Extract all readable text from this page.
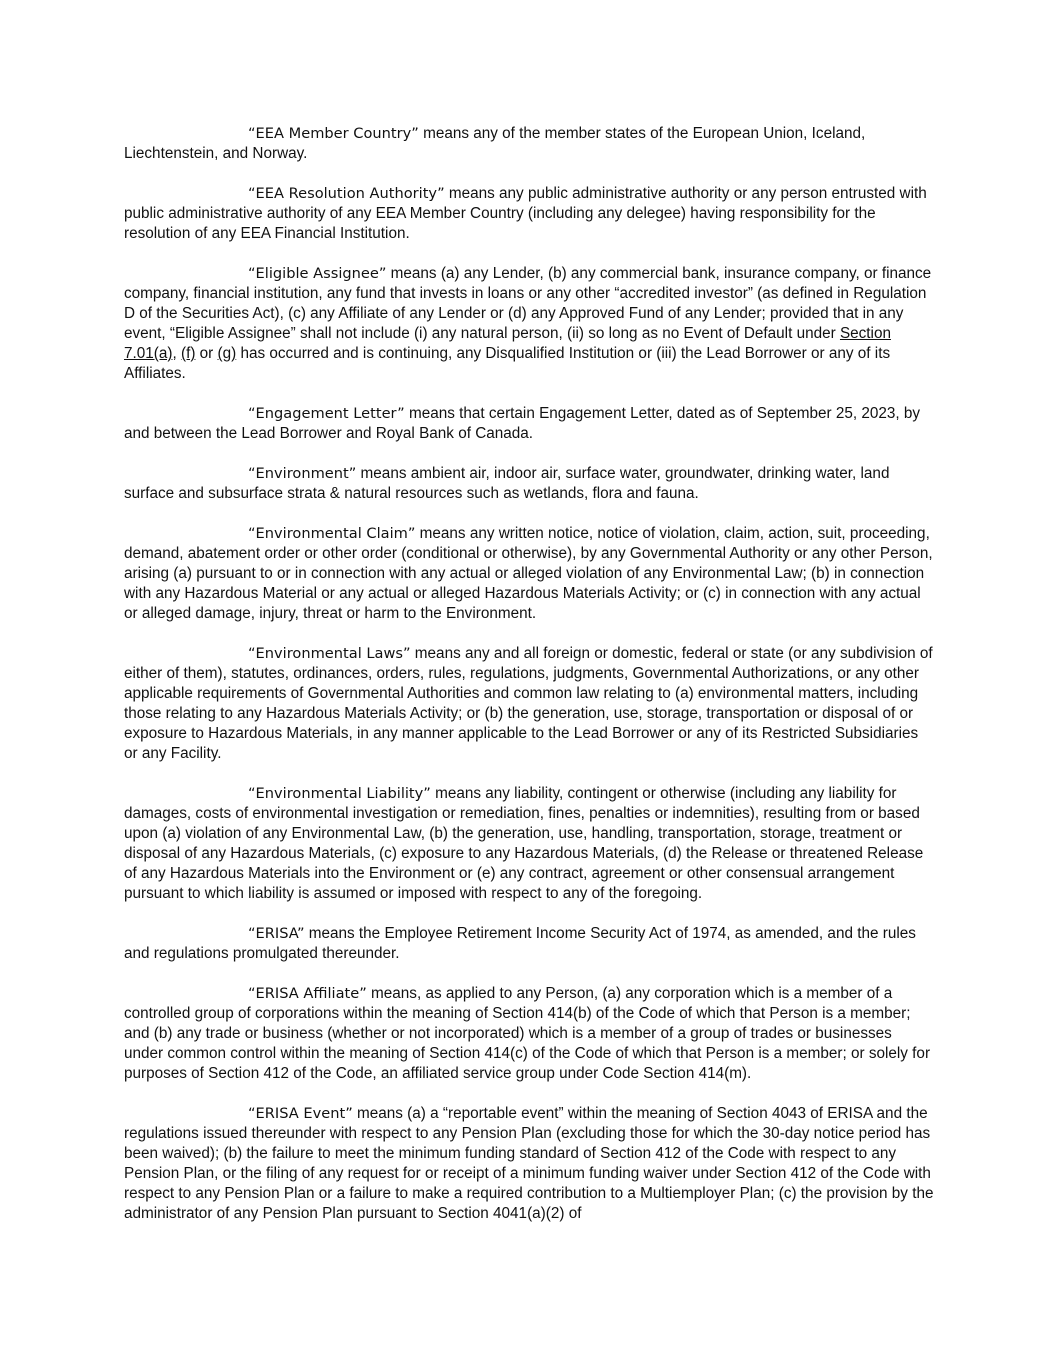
“EEA Member Country” means any of the member states of the European Union, Iceland, Liechtenstein, and Norway.

“EEA Resolution Authority” means any public administrative authority or any person entrusted with public administrative authority of any EEA Member Country (including any delegee) having responsibility for the resolution of any EEA Financial Institution.

“Eligible Assignee” means (a) any Lender, (b) any commercial bank, insurance company, or finance company, financial institution, any fund that invests in loans or any other “accredited investor” (as defined in Regulation D of the Securities Act), (c) any Affiliate of any Lender or (d) any Approved Fund of any Lender; provided that in any event, “Eligible Assignee” shall not include (i) any natural person, (ii) so long as no Event of Default under Section 7.01(a), (f) or (g) has occurred and is continuing, any Disqualified Institution or (iii) the Lead Borrower or any of its Affiliates.

“Engagement Letter” means that certain Engagement Letter, dated as of September 25, 2023, by and between the Lead Borrower and Royal Bank of Canada.

“Environment” means ambient air, indoor air, surface water, groundwater, drinking water, land surface and subsurface strata & natural resources such as wetlands, flora and fauna.

“Environmental Claim” means any written notice, notice of violation, claim, action, suit, proceeding, demand, abatement order or other order (conditional or otherwise), by any Governmental Authority or any other Person, arising (a) pursuant to or in connection with any actual or alleged violation of any Environmental Law; (b) in connection with any Hazardous Material or any actual or alleged Hazardous Materials Activity; or (c) in connection with any actual or alleged damage, injury, threat or harm to the Environment.

“Environmental Laws” means any and all foreign or domestic, federal or state (or any subdivision of either of them), statutes, ordinances, orders, rules, regulations, judgments, Governmental Authorizations, or any other applicable requirements of Governmental Authorities and common law relating to (a) environmental matters, including those relating to any Hazardous Materials Activity; or (b) the generation, use, storage, transportation or disposal of or exposure to Hazardous Materials, in any manner applicable to the Lead Borrower or any of its Restricted Subsidiaries or any Facility.

“Environmental Liability” means any liability, contingent or otherwise (including any liability for damages, costs of environmental investigation or remediation, fines, penalties or indemnities), resulting from or based upon (a) violation of any Environmental Law, (b) the generation, use, handling, transportation, storage, treatment or disposal of any Hazardous Materials, (c) exposure to any Hazardous Materials, (d) the Release or threatened Release of any Hazardous Materials into the Environment or (e) any contract, agreement or other consensual arrangement pursuant to which liability is assumed or imposed with respect to any of the foregoing.

“ERISA” means the Employee Retirement Income Security Act of 1974, as amended, and the rules and regulations promulgated thereunder.

“ERISA Affiliate” means, as applied to any Person, (a) any corporation which is a member of a controlled group of corporations within the meaning of Section 414(b) of the Code of which that Person is a member; and (b) any trade or business (whether or not incorporated) which is a member of a group of trades or businesses under common control within the meaning of Section 414(c) of the Code of which that Person is a member; or solely for purposes of Section 412 of the Code, an affiliated service group under Code Section 414(m).

“ERISA Event” means (a) a “reportable event” within the meaning of Section 4043 of ERISA and the regulations issued thereunder with respect to any Pension Plan (excluding those for which the 30-day notice period has been waived); (b) the failure to meet the minimum funding standard of Section 412 of the Code with respect to any Pension Plan, or the filing of any request for or receipt of a minimum funding waiver under Section 412 of the Code with respect to any Pension Plan or a failure to make a required contribution to a Multiemployer Plan; (c) the provision by the administrator of any Pension Plan pursuant to Section 4041(a)(2) of
